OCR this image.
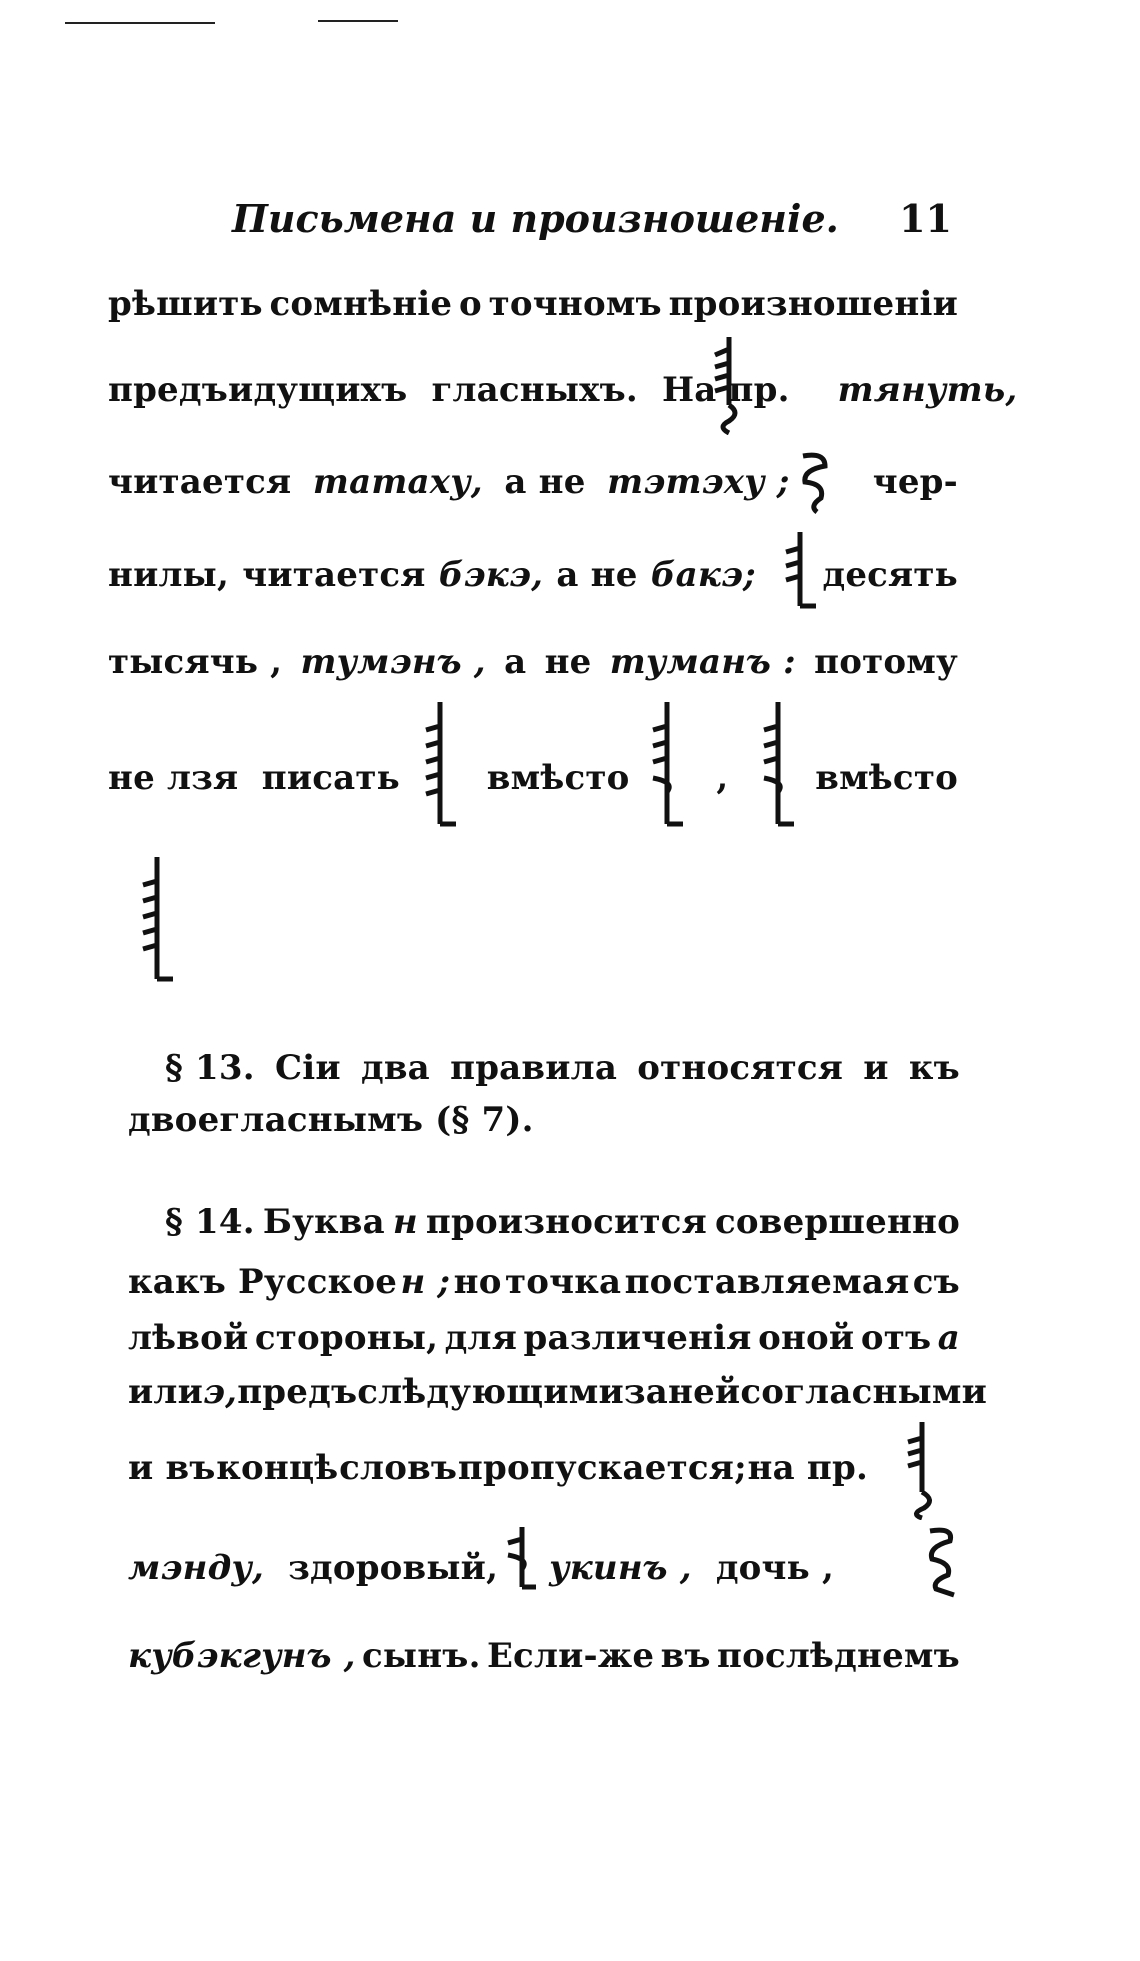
Письмена и произношеніе. 11
рѣшить сомнѣніе о точномъ произношеніи
предъидущихъ гласныхъ. На пр. тянуть,
читается татаху, а не тэтэху ; чер-
нилы, читается бэкэ, а не бакэ; десять
тысячь , тумэнъ , а не туманъ : потому
не лзя писать	вмѣсто	,	вмѣсто
§ 13. Сіи два правила относятся и къ
двоегласнымъ (§ 7).
§ 14. Буква н произносится совершенно
какъ Русское н ; но точка поставляемая съ
лѣвой стороны, для различенія оной отъ а
или э, предъ слѣдующими за ней согласными
и въ концѣ словъ пропускается; на пр.
мэнду, здоровый, укинъ , дочь ,
кубэкгунъ , сынъ. Если-же въ послѣднемъ
